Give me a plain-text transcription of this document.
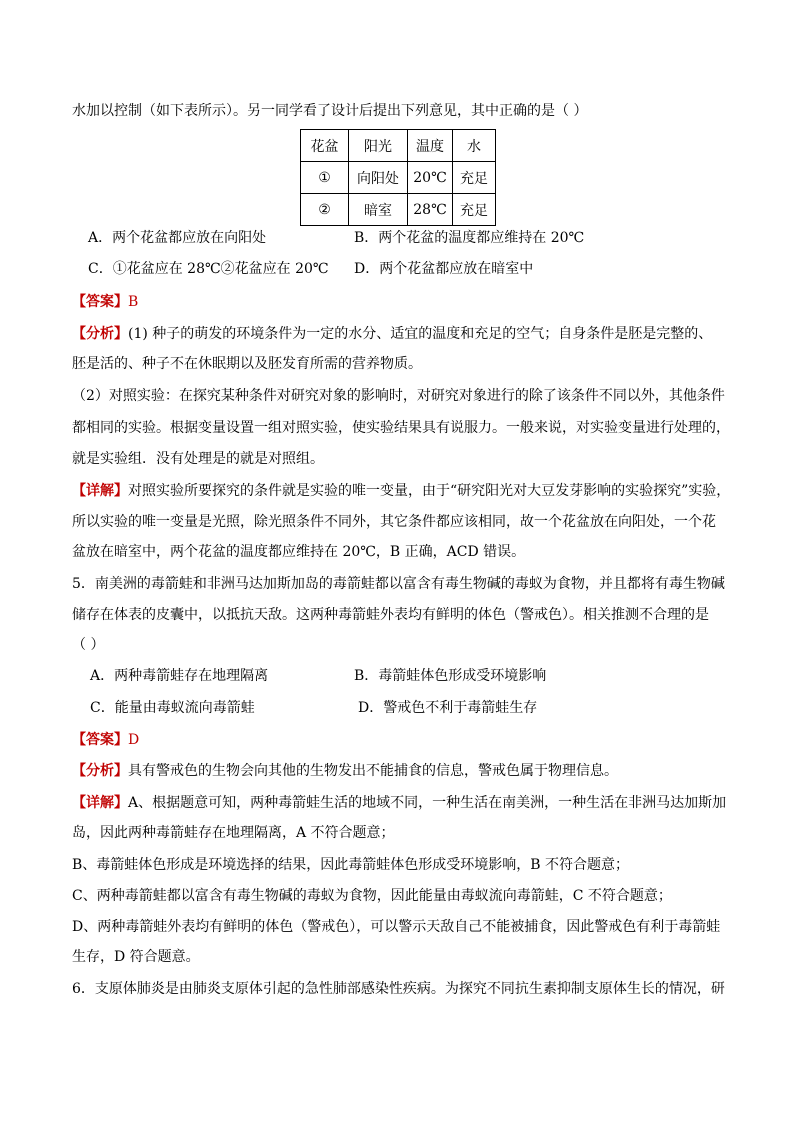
水加以控制（如下表所示）。另一同学看了设计后提出下列意见，其中正确的是（ ）
花盆	阳光	温度	水
①	向阳处	20℃	充足
②	暗室	28℃	充足
A．两个花盆都应放在向阳处	B．两个花盆的温度都应维持在 20℃
C．①花盆应在 28℃②花盆应在 20℃ D．两个花盆都应放在暗室中
【答案】B
【分析】(1) 种子的萌发的环境条件为一定的水分、适宜的温度和充足的空气；自身条件是胚是完整的、
胚是活的、种子不在休眠期以及胚发育所需的营养物质。
（2）对照实验：在探究某种条件对研究对象的影响时，对研究对象进行的除了该条件不同以外，其他条件
都相同的实验。根据变量设置一组对照实验，使实验结果具有说服力。一般来说，对实验变量进行处理的，
就是实验组．没有处理是的就是对照组。
【详解】对照实验所要探究的条件就是实验的唯一变量，由于“研究阳光对大豆发芽影响的实验探究”实验，
所以实验的唯一变量是光照，除光照条件不同外，其它条件都应该相同，故一个花盆放在向阳处，一个花
盆放在暗室中，两个花盆的温度都应维持在 20℃，B 正确，ACD 错误。
5．南美洲的毒箭蛙和非洲马达加斯加岛的毒箭蛙都以富含有毒生物碱的毒蚁为食物，并且都将有毒生物碱
储存在体表的皮囊中，以抵抗天敌。这两种毒箭蛙外表均有鲜明的体色（警戒色）。相关推测不合理的是
（ ）
A．两种毒箭蛙存在地理隔离	B．毒箭蛙体色形成受环境影响
C．能量由毒蚁流向毒箭蛙	D．警戒色不利于毒箭蛙生存
【答案】D
【分析】具有警戒色的生物会向其他的生物发出不能捕食的信息，警戒色属于物理信息。
【详解】A、根据题意可知，两种毒箭蛙生活的地域不同，一种生活在南美洲，一种生活在非洲马达加斯加
岛，因此两种毒箭蛙存在地理隔离，A 不符合题意；
B、毒箭蛙体色形成是环境选择的结果，因此毒箭蛙体色形成受环境影响，B 不符合题意；
C、两种毒箭蛙都以富含有毒生物碱的毒蚁为食物，因此能量由毒蚁流向毒箭蛙，C 不符合题意；
D、两种毒箭蛙外表均有鲜明的体色（警戒色），可以警示天敌自己不能被捕食，因此警戒色有利于毒箭蛙
生存，D 符合题意。
6．支原体肺炎是由肺炎支原体引起的急性肺部感染性疾病。为探究不同抗生素抑制支原体生长的情况，研
